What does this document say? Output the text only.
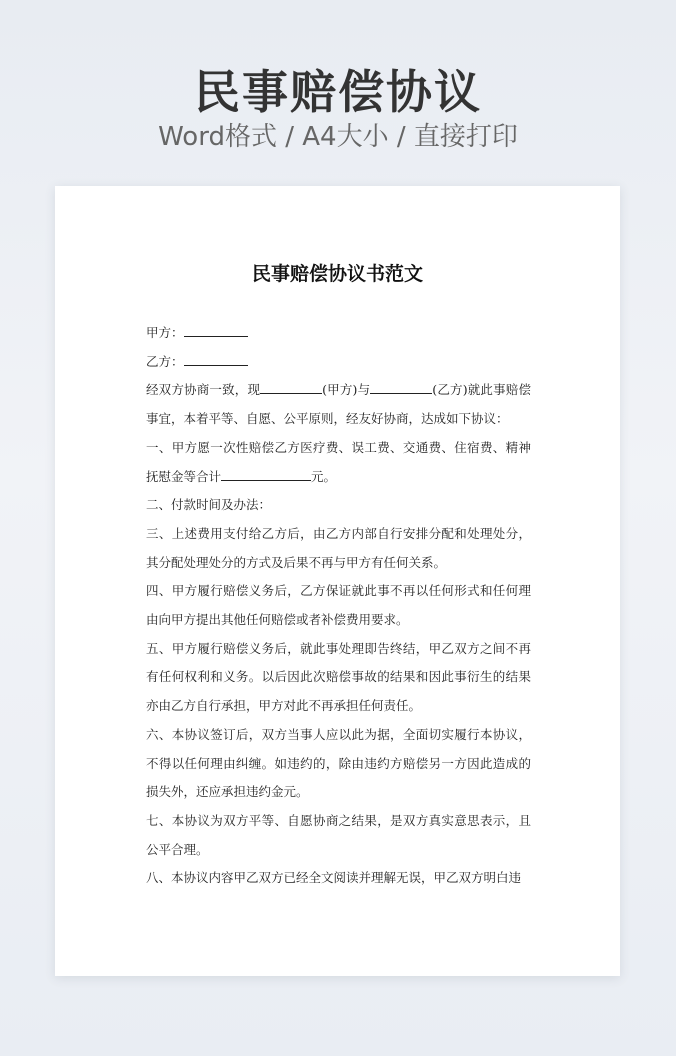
民事赔偿协议
Word格式 / A4大小 / 直接打印
民事赔偿协议书范文

甲方：

乙方：

经双方协商一致，现	(甲方)与	(乙方)就此事赔偿事宜，本着平等、自愿、公平原则，经友好协商，达成如下协议：

一、甲方愿一次性赔偿乙方医疗费、误工费、交通费、住宿费、精神抚慰金等合计	元。

二、付款时间及办法：

三、上述费用支付给乙方后，由乙方内部自行安排分配和处理处分，其分配处理处分的方式及后果不再与甲方有任何关系。

四、甲方履行赔偿义务后，乙方保证就此事不再以任何形式和任何理由向甲方提出其他任何赔偿或者补偿费用要求。

五、甲方履行赔偿义务后，就此事处理即告终结，甲乙双方之间不再有任何权利和义务。以后因此次赔偿事故的结果和因此事衍生的结果亦由乙方自行承担，甲方对此不再承担任何责任。

六、本协议签订后，双方当事人应以此为据，全面切实履行本协议，不得以任何理由纠缠。如违约的，除由违约方赔偿另一方因此造成的损失外，还应承担违约金元。

七、本协议为双方平等、自愿协商之结果，是双方真实意思表示，且公平合理。

八、本协议内容甲乙双方已经全文阅读并理解无误，甲乙双方明白违
